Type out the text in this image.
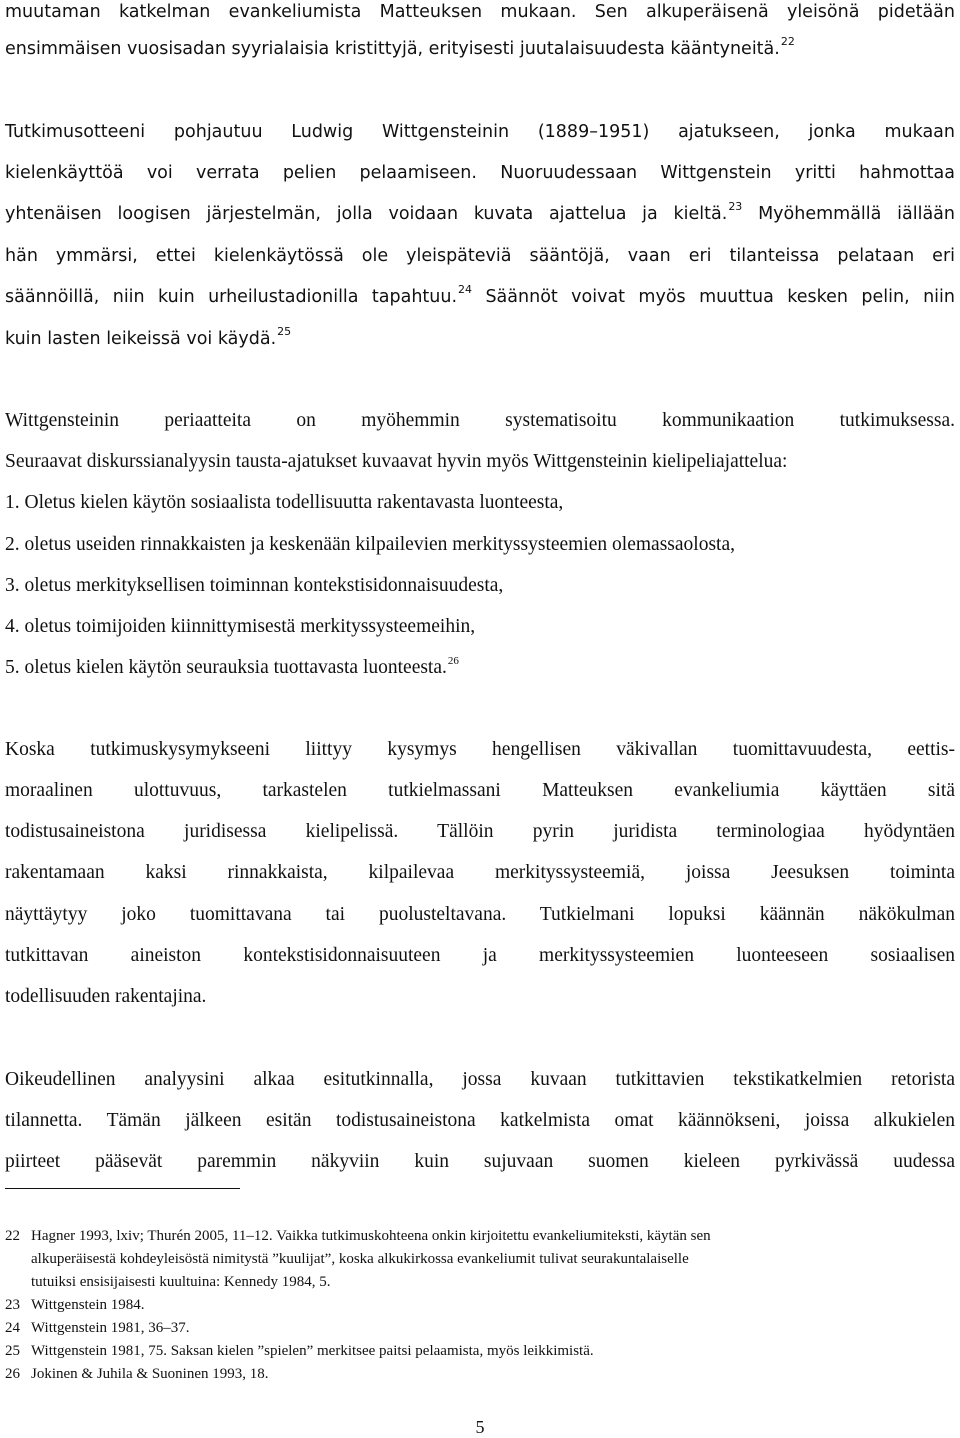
muutaman katkelman evankeliumista Matteuksen mukaan. Sen alkuperäisenä yleisönä pidetään
ensimmäisen vuosisadan syyrialaisia kristittyjä, erityisesti juutalaisuudesta kääntyneitä.$^{22}$
Tutkimusotteeni pohjautuu Ludwig Wittgensteinin (1889–1951) ajatukseen, jonka mukaan
kielenkäyttöä voi verrata pelien pelaamiseen. Nuoruudessaan Wittgenstein yritti hahmottaa
yhtenäisen loogisen järjestelmän, jolla voidaan kuvata ajattelua ja kieltä.$^{23}$ Myöhemmällä iällään
hän ymmärsi, ettei kielenkäytössä ole yleispäteviä sääntöjä, vaan eri tilanteissa pelataan eri
säännöillä, niin kuin urheilustadionilla tapahtuu.$^{24}$ Säännöt voivat myös muuttua kesken pelin, niin
kuin lasten leikeissä voi käydä.$^{25}$
Wittgensteinin periaatteita on myöhemmin systematisoitu kommunikaation tutkimuksessa.
Seuraavat diskurssianalyysin tausta-ajatukset kuvaavat hyvin myös Wittgensteinin kielipeliajattelua:
1. Oletus kielen käytön sosiaalista todellisuutta rakentavasta luonteesta,
2. oletus useiden rinnakkaisten ja keskenään kilpailevien merkityssysteemien olemassaolosta,
3. oletus merkityksellisen toiminnan kontekstisidonnaisuudesta,
4. oletus toimijoiden kiinnittymisestä merkityssysteemeihin,
5. oletus kielen käytön seurauksia tuottavasta luonteesta.$^{26}$
Koska tutkimuskysymykseeni liittyy kysymys hengellisen väkivallan tuomittavuudesta, eettis-
moraalinen ulottuvuus, tarkastelen tutkielmassani Matteuksen evankeliumia käyttäen sitä
todistusaineistona juridisessa kielipelissä. Tällöin pyrin juridista terminologiaa hyödyntäen
rakentamaan kaksi rinnakkaista, kilpailevaa merkityssysteemiä, joissa Jeesuksen toiminta
näyttäytyy joko tuomittavana tai puolusteltavana. Tutkielmani lopuksi käännän näkökulman
tutkittavan aineiston kontekstisidonnaisuuteen ja merkityssysteemien luonteeseen sosiaalisen
todellisuuden rakentajina.
Oikeudellinen analyysini alkaa esitutkinnalla, jossa kuvaan tutkittavien tekstikatkelmien retorista
tilannetta. Tämän jälkeen esitän todistusaineistona katkelmista omat käännökseni, joissa alkukielen
piirteet pääsevät paremmin näkyviin kuin sujuvaan suomen kieleen pyrkivässä uudessa
22 Hagner 1993, lxiv; Thurén 2005, 11–12. Vaikka tutkimuskohteena onkin kirjoitettu evankeliumiteksti, käytän sen
alkuperäisestä kohdeyleisöstä nimitystä ”kuulijat”, koska alkukirkossa evankeliumit tulivat seurakuntalaiselle
tutuiksi ensisijaisesti kuultuina: Kennedy 1984, 5.
23 Wittgenstein 1984.
24 Wittgenstein 1981, 36–37.
25 Wittgenstein 1981, 75. Saksan kielen ”spielen” merkitsee paitsi pelaamista, myös leikkimistä.
26 Jokinen & Juhila & Suoninen 1993, 18.
5
